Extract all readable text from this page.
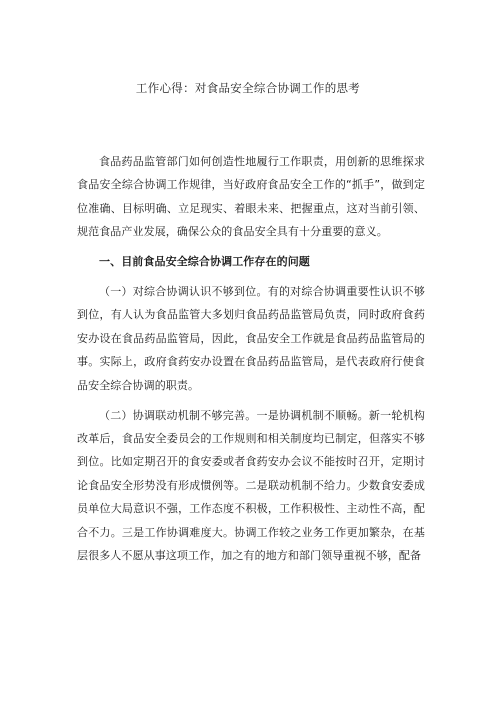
工作心得：对食品安全综合协调工作的思考

食品药品监管部门如何创造性地履行工作职责，用创新的思维探求食品安全综合协调工作规律，当好政府食品安全工作的“抓手”，做到定位准确、目标明确、立足现实、着眼未来、把握重点，这对当前引领、规范食品产业发展，确保公众的食品安全具有十分重要的意义。

一、目前食品安全综合协调工作存在的问题

（一）对综合协调认识不够到位。有的对综合协调重要性认识不够到位，有人认为食品监管大多划归食品药品监管局负责，同时政府食药安办设在食品药品监管局，因此，食品安全工作就是食品药品监管局的事。实际上，政府食药安办设置在食品药品监管局，是代表政府行使食品安全综合协调的职责。

（二）协调联动机制不够完善。一是协调机制不顺畅。新一轮机构改革后，食品安全委员会的工作规则和相关制度均已制定，但落实不够到位。比如定期召开的食安委或者食药安办会议不能按时召开，定期讨论食品安全形势没有形成惯例等。二是联动机制不给力。少数食安委成员单位大局意识不强，工作态度不积极，工作积极性、主动性不高，配合不力。三是工作协调难度大。协调工作较之业务工作更加繁杂，在基层很多人不愿从事这项工作，加之有的地方和部门领导重视不够，配备
